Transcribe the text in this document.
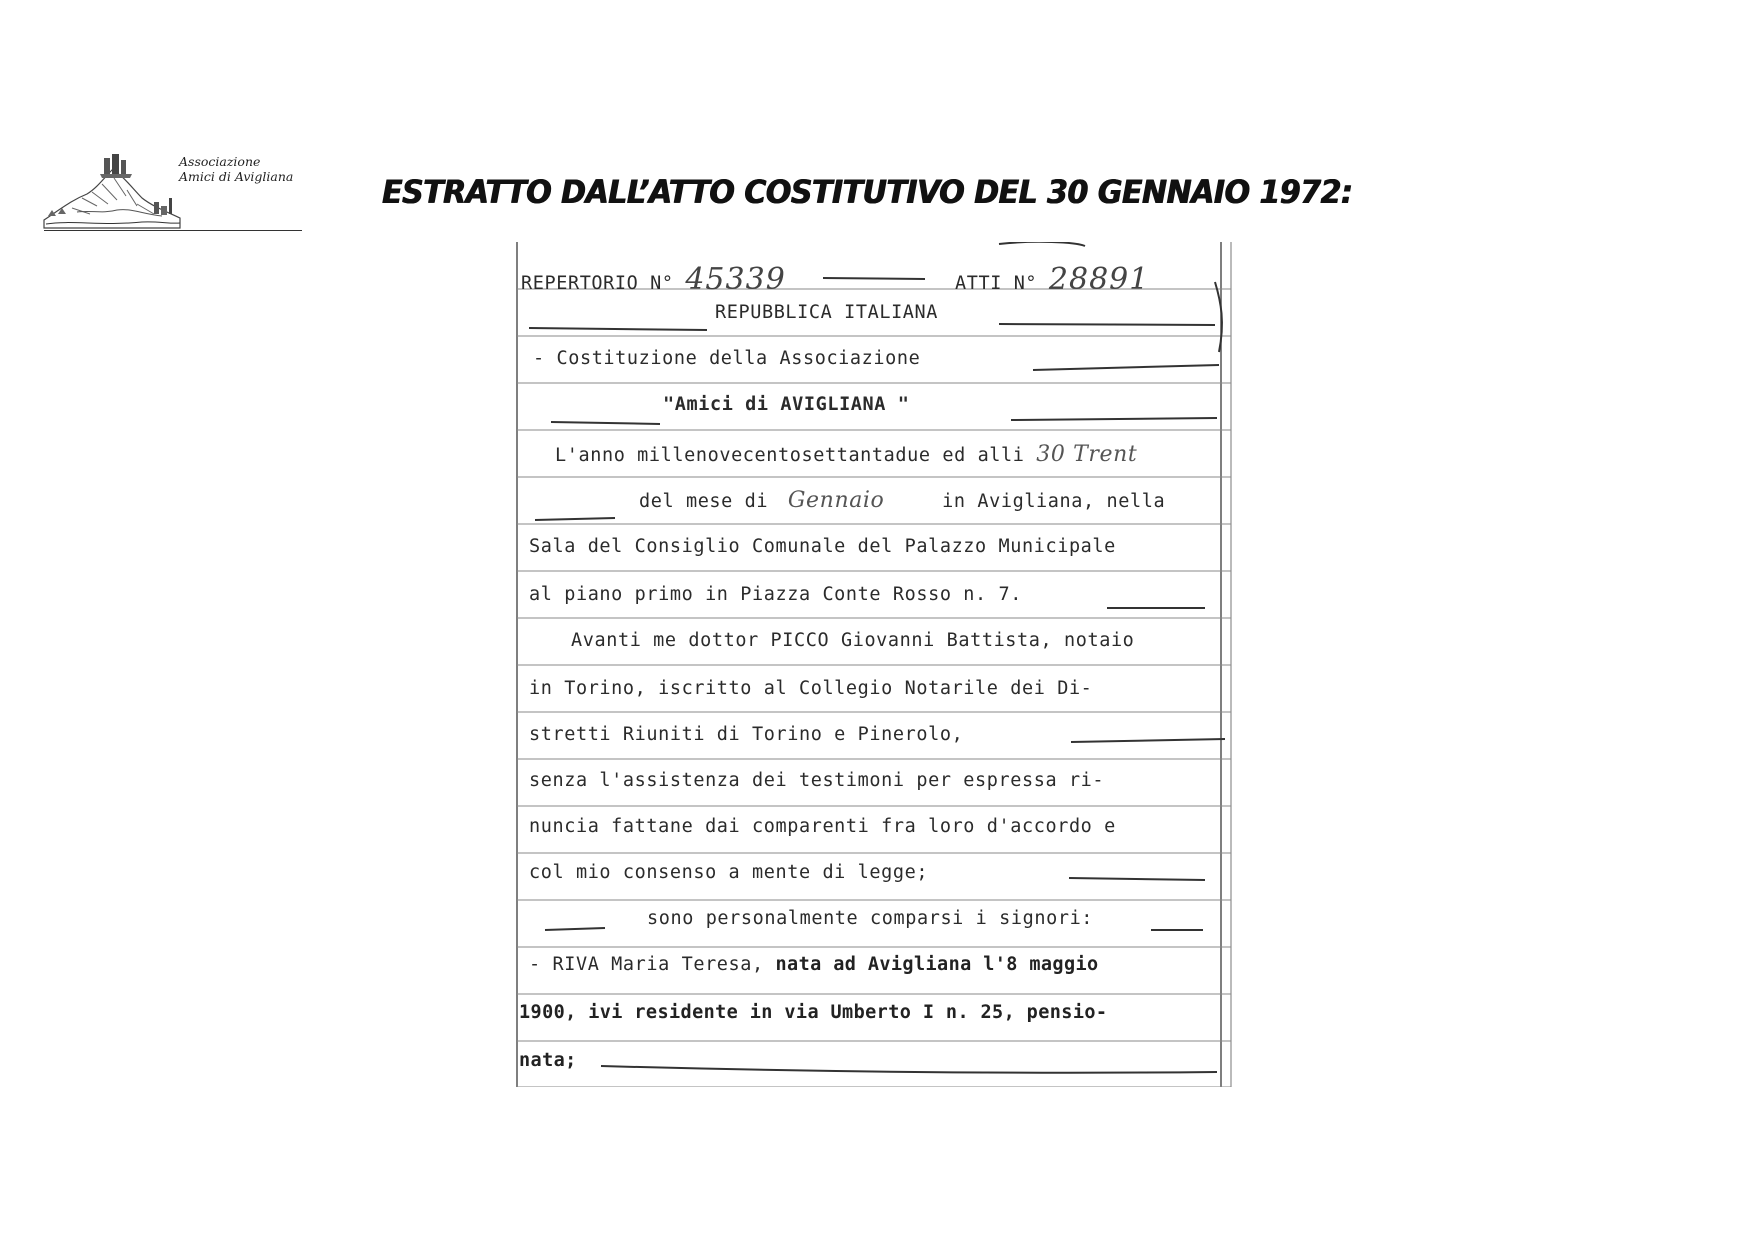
Associazione
Amici di Avigliana	ESTRATTO DALL’ATTO COSTITUTIVO DEL 30 GENNAIO 1972:
REPERTORIO N° 45339	ATTI N° 28891
REPUBBLICA ITALIANA
- Costituzione della Associazione
"Amici di AVIGLIANA "
L'anno millenovecentosettantadue ed alli 30 Trent
del mese di Gennaio	in Avigliana, nella
Sala del Consiglio Comunale del Palazzo Municipale
al piano primo in Piazza Conte Rosso n. 7.
Avanti me dottor PICCO Giovanni Battista, notaio
in Torino, iscritto al Collegio Notarile dei Di-
stretti Riuniti di Torino e Pinerolo,
senza l'assistenza dei testimoni per espressa ri-
nuncia fattane dai comparenti fra loro d'accordo e
col mio consenso a mente di legge;
sono personalmente comparsi i signori:
- RIVA Maria Teresa, nata ad Avigliana l'8 maggio
1900, ivi residente in via Umberto I n. 25, pensio-
nata;
